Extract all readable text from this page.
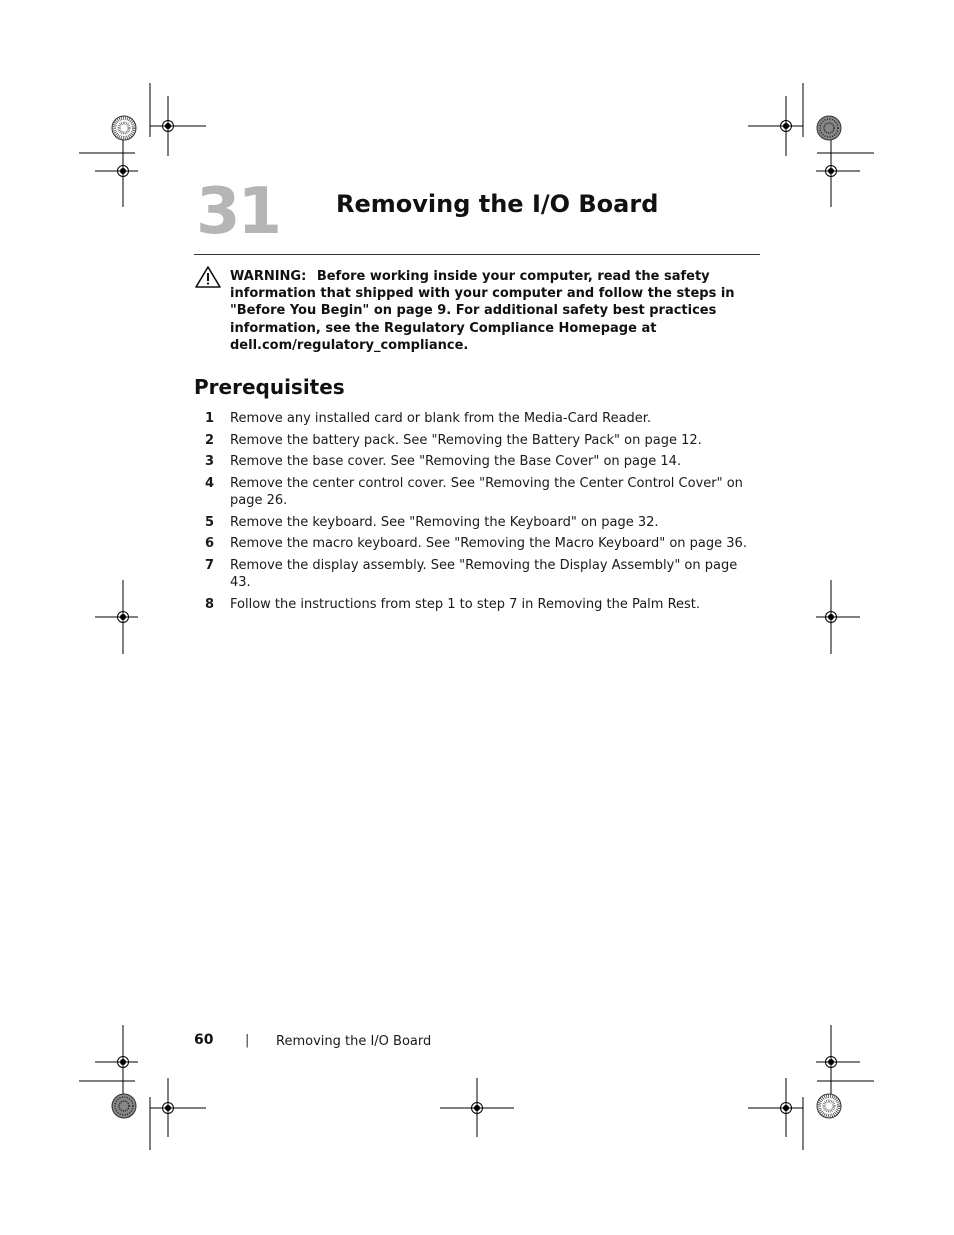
31 Removing the I/O Board
WARNING: Before working inside your computer, read the safety information that shipped with your computer and follow the steps in "Before You Begin" on page 9. For additional safety best practices information, see the Regulatory Compliance Homepage at dell.com/regulatory_compliance.
Prerequisites
1 Remove any installed card or blank from the Media-Card Reader.
2 Remove the battery pack. See "Removing the Battery Pack" on page 12.
3 Remove the base cover. See "Removing the Base Cover" on page 14.
4 Remove the center control cover. See "Removing the Center Control Cover" on page 26.
5 Remove the keyboard. See "Removing the Keyboard" on page 32.
6 Remove the macro keyboard. See "Removing the Macro Keyboard" on page 36.
7 Remove the display assembly. See "Removing the Display Assembly" on page 43.
8 Follow the instructions from step 1 to step 7 in Removing the Palm Rest.
60 | Removing the I/O Board
